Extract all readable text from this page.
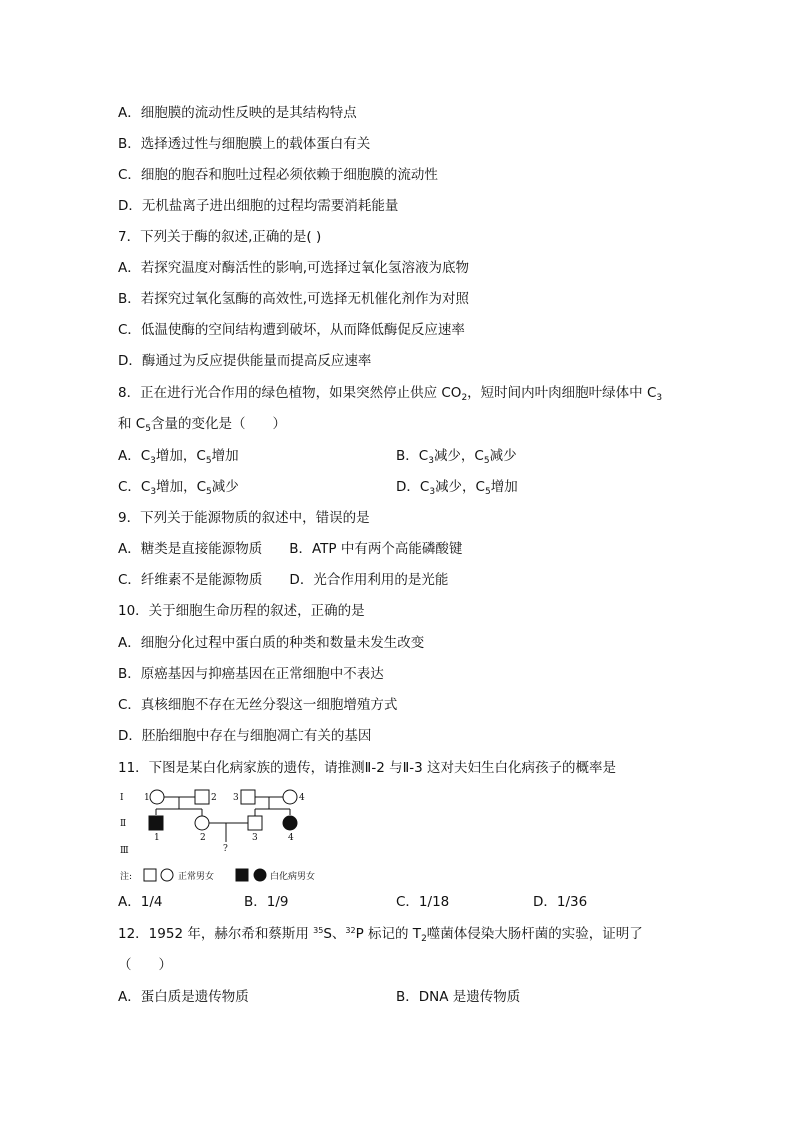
A．细胞膜的流动性反映的是其结构特点
B．选择透过性与细胞膜上的载体蛋白有关
C．细胞的胞吞和胞吐过程必须依赖于细胞膜的流动性
D．无机盐离子进出细胞的过程均需要消耗能量
7．下列关于酶的叙述,正确的是( )
A．若探究温度对酶活性的影响,可选择过氧化氢溶液为底物
B．若探究过氧化氢酶的高效性,可选择无机催化剂作为对照
C．低温使酶的空间结构遭到破坏，从而降低酶促反应速率
D．酶通过为反应提供能量而提高反应速率
8．正在进行光合作用的绿色植物，如果突然停止供应 $CO_2$，短时间内叶肉细胞叶绿体中 $C_3$
和 $C_5$含量的变化是（　　）
A．$C_3$增加，$C_5$增加	B．$C_3$减少，$C_5$减少
C．$C_3$增加，$C_5$减少	D．$C_3$减少，$C_5$增加
9．下列关于能源物质的叙述中，错误的是
A．糖类是直接能源物质　　B．ATP 中有两个高能磷酸键
C．纤维素不是能源物质　　D．光合作用利用的是光能
10．关于细胞生命历程的叙述，正确的是
A．细胞分化过程中蛋白质的种类和数量未发生改变
B．原癌基因与抑癌基因在正常细胞中不表达
C．真核细胞不存在无丝分裂这一细胞增殖方式
D．胚胎细胞中存在与细胞凋亡有关的基因
11．下图是某白化病家族的遗传，请推测Ⅱ-2 与Ⅱ-3 这对夫妇生白化病孩子的概率是
Ⅰ
Ⅱ
Ⅲ
1	2 3	4
1	2	3	4
?
注:	正常男女	白化病男女
A．1/4	B．1/9	C．1/18	D．1/36
12．1952 年，赫尔希和蔡斯用 $^{35}$S、$^{32}$P 标记的 $T_2$噬菌体侵染大肠杆菌的实验，证明了
（　　）
A．蛋白质是遗传物质	B．DNA 是遗传物质
